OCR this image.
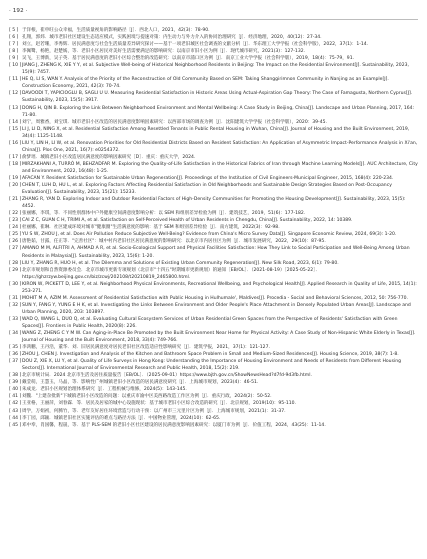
· 192 ·
[ 5 ] 于洋根，崔申旺公众幸福，生活质量视角的影响路径［J］．西北人口，2021，42(3)：78-90.
[ 6 ] 孔翔，郭炜．城市老旧社区建设生态适应模式，实践困境与提速对策：内生动力与外力介入的协同治理研究［J］．经济地理，2020，40(12)：27-34.
[ 7 ] 刘立，赵若珊，李秀辉．居民满意度与社会生活质量差异研究探讨——基于一项老旧城区社会调查的文献分析［J］．华东理工大学学报（社会科学版），2022，37(1)：1-14.
[ 8 ] 李佩鹭，杨艳，赵楚嫣，等．老旧小区居民对美好生活需要满足的影响研究：以南京市旧小区为例［J］．现代城市研究，2021(3)：127-132.
[ 9 ] 吴飞，王博新，吴子英．基于居民满意度的老旧小区综合整治的改造研究：以南京市浦口区为例［J］．南京工业大学学报（社会科学版），2019，18(4)：75-79，91.
[ 10 ] JIANG J, ZHENG K, XIE Y Y, et al. Subjective Well-being of Historical Neighborhood Residents in Beijing: The Impact on the Residential Environment[J]. Sustainability, 2023, 15(9): 7457.
[ 11 ] HE Q, LI S, WAN Y. Analysis of the Priority of the Reconstruction of Old Community Based on SEM: Taking Shanggirimnon Community in Nanjing as an Example[J]. Construction Economy, 2021, 42(3): 70-74.
[ 12 ] DAVOODI T, YAPICIOGLU B, SAGLI U U. Measuring Residential Satisfaction in Historic Areas Using Actual-Aspiration Gap Theory: The Case of Famagusta, Northern Cyprus[J]. Sustainability, 2023, 15(5): 3917.
[ 13 ] DONG H, QIN B. Exploring the Link Between Neighborhood Environment and Mental Wellbeing: A Case Study in Beijing, China[J]. Landscape and Urban Planning, 2017, 164: 71-80.
[ 14 ] 刘宁，周雅香，刘宝琪．城市老旧小区改造的居民满意度影响因素研究：以西部市场的调查为例［J］．沈阳建筑大学学报（社会科学版），2020：39-45.
[ 15 ] LI J, LI D, NING X, et al. Residential Satisfaction Among Resettled Tenants in Public Rental Housing in Wuhan, China[J]. Journal of Housing and the Built Environment, 2019, 34(4): 1125-1148.
[ 16 ] LIU Y, LIN H, LI W, et al. Renovation Priorities for Old Residential Districts Based on Resident Satisfaction: An Application of Asymmetric Impact-Performance Analysis in Xi'an, China[J]. Plos One, 2021, 16(7): e0254372.
[ 17 ] 俞梦瑶．城镇老旧小区改造居民满意度的影响因素研究［D］．重庆：重庆大学，2024.
[ 18 ] MIRZAKHANI A, TURRÓ M, BEHZADFAR M. Exploring the Quality-of-Life Satisfaction in the Historical Fabrics of Iran through Machine Learning Models[J]. AUC Architecture, City and Environment, 2022, 16(48): 1-25.
[ 19 ] AFACAN Y. Resident Satisfaction for Sustainable Urban Regeneration[J]. Proceedings of the Institution of Civil Engineers-Municipal Engineer, 2015, 168(4): 220-234.
[ 20 ] CHEN T, LUH D, HU L, et al. Exploring Factors Affecting Residential Satisfaction in Old Neighborhoods and Sustainable Design Strategies Based on Post-Occupancy Evaluation[J]. Sustainability, 2023, 15(21): 15233.
[ 21 ] ZHANG R, YAN D. Exploring Indoor and Outdoor Residential Factors of High-Density Communities for Promoting the Housing Development[J]. Sustainability, 2023, 15(5): 4452.
[ 22 ] 张丽娜，李琪，等．不同性别群体中户外健康空间满意度影响分析：以 SEM 和组别差异检验为例［J］．建筑技艺，2019，51(6)：177-182.
[ 23 ] CAI Z C, GUAN C H, TRIMI A, et al. Satisfaction on Self-Perceived Health of Urban Residents in Chengdu, China[J]. Sustainability, 2022, 14: 10389.
[ 24 ] 杜丽娜，崔琳．社区建成环境对城市"健康圈"生活满意度的影响：基于 SEM 和组别差异检验［J］．南方建筑，2022(3)：92-98.
[ 25 ] YU S W, ZHOU J, et al. Does Air Pollution Reduce Subjective Well-Being? Evidence from China's Micro Survey Data[J]. Singapore Economic Review, 2024, 69(3): 1-20.
[ 26 ] 唐艳茹，甘露，任正等．"完善社区"：城中村内老旧社区居民满意度的影响研究：以北京市内居住区为例［J］．城市发展研究，2022，29(10)：87-95.
[ 27 ] AMANO M M, ALFITRI A, AHMAD A R, et al. Socio-Ecological Support and Physical Facilities Satisfaction: How They Link to Social Participation and Well-Being Among Urban Residents in Malaysia[J]. Sustainability, 2023, 15(6): 1-20.
[ 28 ] LIU Y, ZHANG R, HUO H, et al. The Dilemma and Solutions of Existing Urban Community Regeneration[J]. New Silk Road, 2023, 6(1): 79-80.
[ 29 ] 北京市规划和自然资源委员会．北京市城市更新专项规划（北京市"十四五"时期城市更新规划）的通知［EB/OL］．（2021-08-19）［2025-05-22］．https://ghzrzyw.beijing.gov.cn/biz/zcwj/202108/t20210819_2465800.html.
[ 30 ] KIRON W, PICKETT D, LEE Y, et al. Neighborhood Physical Environments, Recreational Wellbeing, and Psychological Health[J]. Applied Research in Quality of Life, 2015, 14(1): 253-271.
[ 31 ] MOHIT M A, AZIM M. Assessment of Residential Satisfaction with Public Housing in Hulhumale', Maldives[J]. Procedia - Social and Behavioral Sciences, 2012, 50: 756-770.
[ 32 ] SUN Y, FANG Y, YUNG E H K, et al. Investigating the Links Between Environment and Older People's Place Attachment in Densely Populated Urban Areas[J]. Landscape and Urban Planning, 2020, 203: 103897.
[ 33 ] WAD Q, WANG L, DUO Q, et al. Evaluating Cultural Ecosystem Services of Urban Residential Green Spaces from the Perspective of Residents' Satisfaction with Green Spaces[J]. Frontiers in Public Health, 2020(8): 226.
[ 34 ] WANG Z, ZHENG C Y M W. Can Aging-in-Place Be Promoted by the Built Environment Near Home for Physical Activity: A Case Study of Non-Hispanic White Elderly in Texas[J]. Journal of Housing and the Built Environment, 2018, 33(4): 749-766.
[ 35 ] 李鸿鹏，王丹浩，董华．刘．旧居民满意度对居民老旧社区改造适应性影响研究［J］．建筑学报，2021，37(1)：121-127.
[ 36 ] ZHOU J, CHEN J. Investigation and Analysis of the Kitchen and Bathroom Space Problem in Small and Medium-Sized Residences[J]. Housing Science, 2019, 38(7): 1-8.
[ 37 ] DOU Z, XIE X, LU Y, et al. Quality of Life Surveys in Hong Kong: Understanding the Importance of Housing Environment and Needs of Residents from Different Housing Sectors[J]. International Journal of Environmental Research and Public Health, 2018, 15(2): 219.
[ 38 ] 北京市统计局．2024 北京市生活及居住质量报告［EB/OL］．（2025-09-01）https://www.bjth.gov.cn/ShowNewsHead?d7fd-9d3fb.html.
[ 39 ] 戴莹萌，王慧玉，马晶，等．影响性广州城镇老旧小区改造的居民满意度研究［J］．上海城市规划，2023(4)：46-51.
[ 40 ] 朱成龙．老旧小区规划治理体系研究［J］．工程机械与维修，2024(5)：143-145.
[ 41 ] 刘魏．"上建杂批新"下城镇老旧小区改造的问题：以重庆市渝中区美西路改造工作区为例［J］．重庆行政，2024(2)：50-52.
[ 42 ] 王亚格，王丽萍，刘春霖．等．居民及居家的城中心设施现状：基于城市老旧小区综合改造的研究［J］．北京规划，2019(10)：95-110.
[ 43 ] 周学，万娟初，何腾竹，等．老年友好居住环境营造与行动干预：以广州市三元里片区为例［J］．上海城市规划，2021(1)：31-37.
[ 44 ] 李丁园，邱颖．城镇老旧社区实施评估的难点与路径方法［J］．中国物业管理，2024(10)：62-65.
[ 45 ] 邓中奉，肖国馨，程晟，等．基于 PLS-SEM 的老旧小区社区建设的居民满意度影响因素研究：以厦门市为例［J］．价值工程，2024，43(25)：11-14.
